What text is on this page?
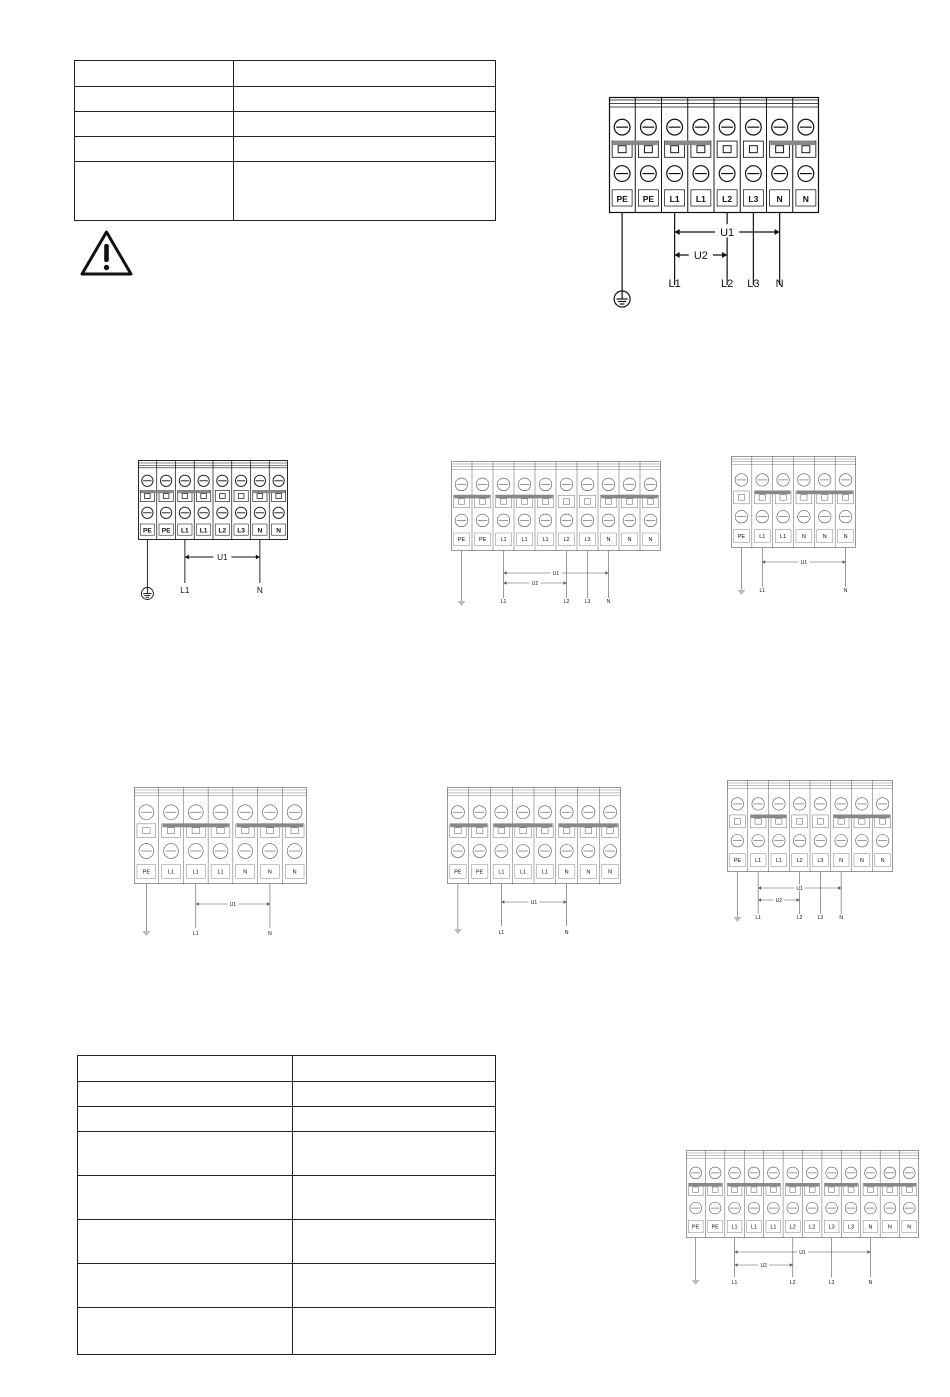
PE PE L1 L1 L2 L3 N N
L1	L2 L3 N
U1
U2
PE PE L1 L1 L2 L3 N N
L1	N
U1
PE PE	L1	L1	L1	L2	L3	N	N	N
L1	L2	L3	N
U1
U2
PE	L1	L1	N	N	N
L1	N
U1
PE	L1	L1	L1	N	N	N
L1	N
U1
PE	PE	L1	L1	L1	N	N	N
L1	N
U1
PE	L1	L1	L2	L3	N	N	N
L1	L2	L3	N
U1
U2
PE PE L1 L1 L1 L2 L2 L3 L3	N	N	N
L1	L2	L3	N
U1
U2
